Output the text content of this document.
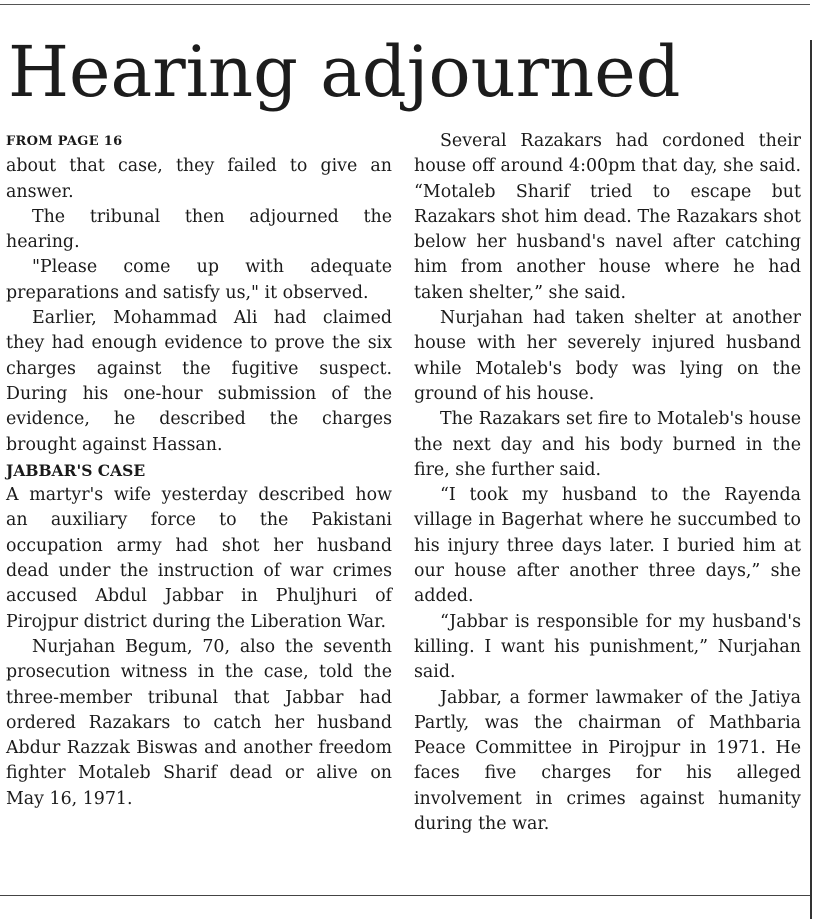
Hearing adjourned

FROM PAGE 16

about that case, they failed to give an answer.

The tribunal then adjourned the hearing.

"Please come up with adequate preparations and satisfy us," it observed.

Earlier, Mohammad Ali had claimed they had enough evidence to prove the six charges against the fugitive suspect. During his one-hour submission of the evidence, he described the charges brought against Hassan.

JABBAR'S CASE

A martyr's wife yesterday described how an auxiliary force to the Pakistani occupation army had shot her husband dead under the instruction of war crimes accused Abdul Jabbar in Phuljhuri of Pirojpur district during the Liberation War.

Nurjahan Begum, 70, also the seventh prosecution witness in the case, told the three-member tribunal that Jabbar had ordered Razakars to catch her husband Abdur Razzak Biswas and another freedom fighter Motaleb Sharif dead or alive on May 16, 1971.

Several Razakars had cordoned their house off around 4:00pm that day, she said. “Motaleb Sharif tried to escape but Razakars shot him dead. The Razakars shot below her husband's navel after catching him from another house where he had taken shelter,” she said.

Nurjahan had taken shelter at another house with her severely injured husband while Motaleb's body was lying on the ground of his house.

The Razakars set fire to Motaleb's house the next day and his body burned in the fire, she further said.

“I took my husband to the Rayenda village in Bagerhat where he succumbed to his injury three days later. I buried him at our house after another three days,” she added.

“Jabbar is responsible for my husband's killing. I want his punishment,” Nurjahan said.

Jabbar, a former lawmaker of the Jatiya Partly, was the chairman of Mathbaria Peace Committee in Pirojpur in 1971. He faces five charges for his alleged involvement in crimes against humanity during the war.
